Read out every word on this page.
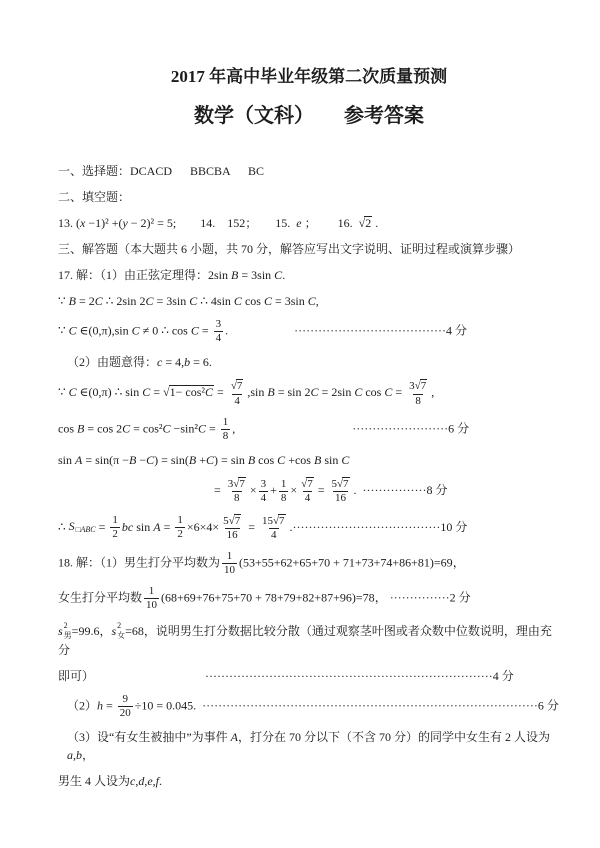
2017 年高中毕业年级第二次质量预测
数学（文科）　　参考答案
一、选择题：DCACD      BBCBA      BC
二、填空题：
13. (x −1)² +(y − 2)² = 5;        14.    152；      15.  e ；       16.  √2 .
三、解答题（本大题共 6 小题，共 70 分，解答应写出文字说明、证明过程或演算步骤）
17. 解：（1）由正弦定理得：2sin B = 3sin C.
∵ B = 2C ∴ 2sin 2C = 3sin C ∴ 4sin C cos C = 3sin C,
∵ C ∈(0,π),sin C ≠ 0 ∴ $\cos C = \frac{3}{4}$ .                      ······································4 分
（2）由题意得：c = 4,b = 6.
∵ C ∈(0,π) ∴ $\sin C = √1- \cos^2C = \frac{√7}{4} ,\sin$ B = sin 2C = 2sin C $\cos C = \frac{3√7}{8}$ ,
$\cos B = \cos 2C = \cos^2C -\sin^2C = \frac{1}{8}$ ,                                       ························6 分
sin A = sin(π −B −C) = sin(B +C) = sin B cos C +cos B sin C
= $\frac{3√7}{8} \times \frac{3}{4} + \frac{1}{8} \times \frac{√7}{4} = \frac{5√7}{16}$ .  ················8 分
∴ S □ABC = $\frac{1}{2}$ bc $\sin A = \frac{1}{2} \times 6\times 4\times \frac{5√7}{16} = \frac{15√7}{4} .\cdot\cdot\cdot\cdot\cdot\cdot\cdot\cdot\cdot\cdot\cdot\cdot\cdot\cdot\cdot\cdot\cdot\cdot\cdot\cdot\cdot\cdot\cdot\cdot\cdot\cdot\cdot\cdot\cdot\cdot\cdot\cdot\cdot\cdot\cdot\cdot\cdot 10$ 分
18. 解：（1）男生打分平均数为 $\frac{1}{10} (53+55+62+65+70 + 71+73+74+86+81)=69$，
女生打分平均数 $\frac{1}{10} (68+69+76+75+70 + 78+79+82+87+96)=78$， ···············2 分
s 2
男 =99.6， s 2
女 =68，说明男生打分数据比较分散（通过观察茎叶图或者众数中位数说明，理由充分
即可）                                     ········································································4 分
$(2)h = \frac{9}{20} \div 10 = 0.045$.  ····················································································6 分
（3）设“有女生被抽中”为事件 A，打分在 70 分以下（不含 70 分）的同学中女生有 2 人设为a,b，
男生 4 人设为c,d,e,f.
